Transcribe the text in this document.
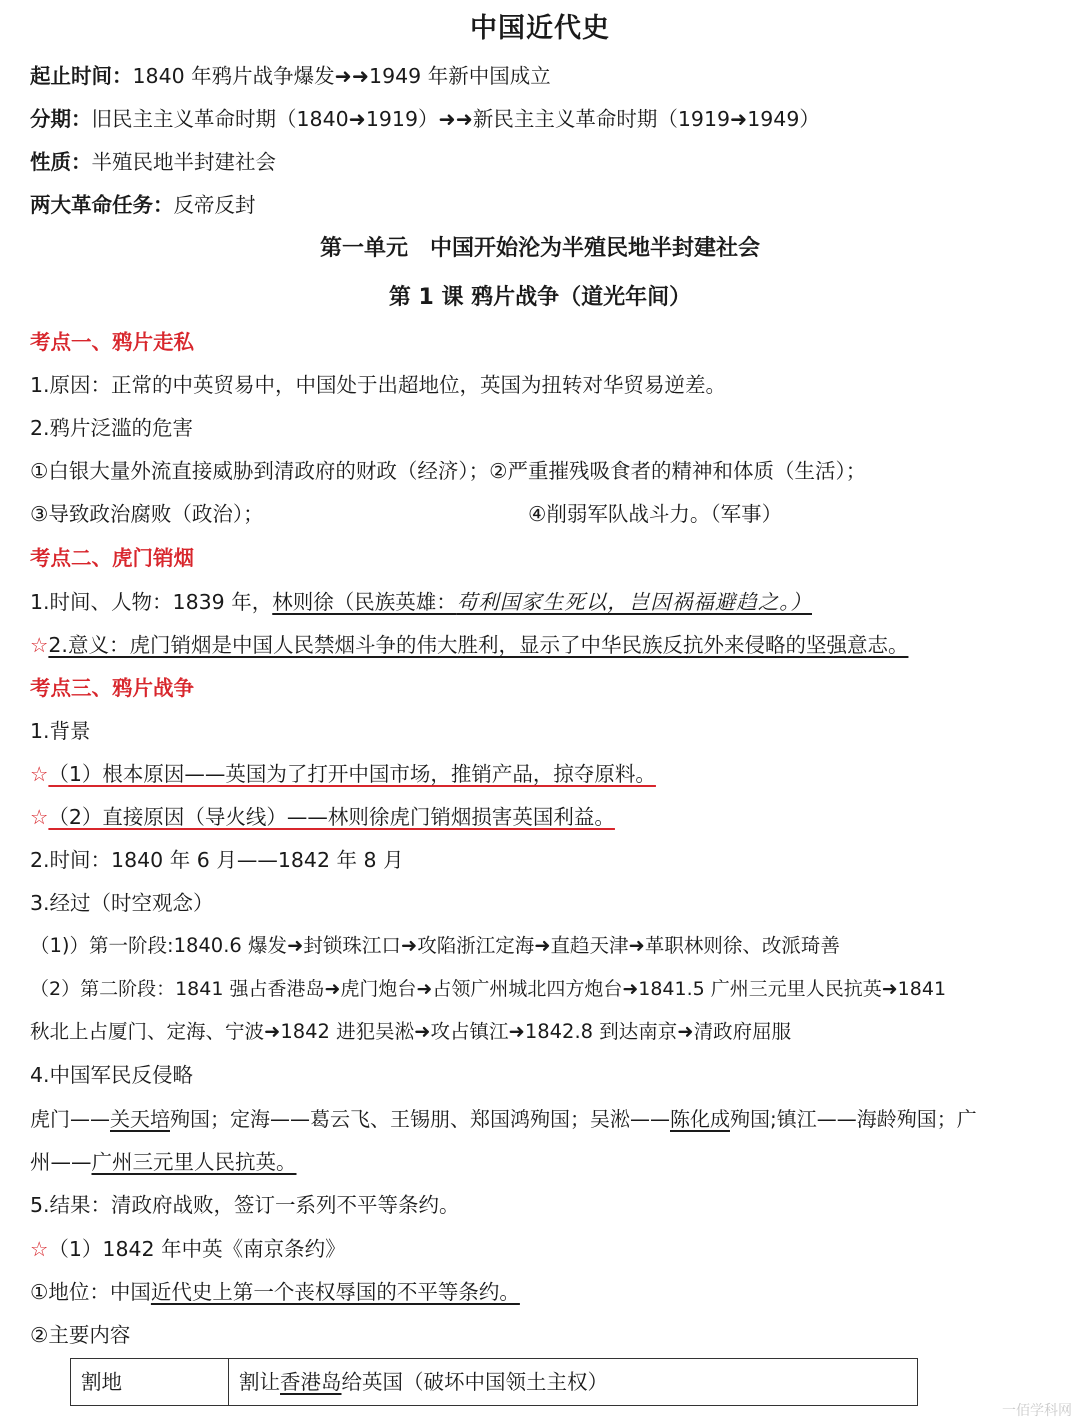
中国近代史
起止时间：1840 年鸦片战争爆发➜➜1949 年新中国成立
分期：旧民主主义革命时期（1840➜1919）➜➜新民主主义革命时期（1919➜1949）
性质：半殖民地半封建社会
两大革命任务：反帝反封
第一单元　中国开始沦为半殖民地半封建社会
第 1 课 鸦片战争（道光年间）
考点一、鸦片走私
1.原因：正常的中英贸易中，中国处于出超地位，英国为扭转对华贸易逆差。
2.鸦片泛滥的危害
①白银大量外流直接威胁到清政府的财政（经济）；②严重摧残吸食者的精神和体质（生活）；
③导致政治腐败（政治）；	④削弱军队战斗力。（军事）
考点二、虎门销烟
1.时间、人物：1839 年，林则徐（民族英雄：苟利国家生死以，岂因祸福避趋之。）
☆2.意义：虎门销烟是中国人民禁烟斗争的伟大胜利，显示了中华民族反抗外来侵略的坚强意志。
考点三、鸦片战争
1.背景
☆（1）根本原因——英国为了打开中国市场，推销产品，掠夺原料。
☆（2）直接原因（导火线）——林则徐虎门销烟损害英国利益。
2.时间：1840 年 6 月——1842 年 8 月
3.经过（时空观念）
（1)）第一阶段:1840.6 爆发➜封锁珠江口➜攻陷浙江定海➜直趋天津➜革职林则徐、改派琦善
（2）第二阶段：1841 强占香港岛➜虎门炮台➜占领广州城北四方炮台➜1841.5 广州三元里人民抗英➜1841
秋北上占厦门、定海、宁波➜1842 进犯吴淞➜攻占镇江➜1842.8 到达南京➜清政府屈服
4.中国军民反侵略
虎门——关天培殉国；定海——葛云飞、王锡朋、郑国鸿殉国；吴淞——陈化成殉国;镇江——海龄殉国；广
州——广州三元里人民抗英。
5.结果：清政府战败，签订一系列不平等条约。
☆（1）1842 年中英《南京条约》
①地位：中国近代史上第一个丧权辱国的不平等条约。
②主要内容
割地	割让香港岛给英国（破坏中国领土主权）
一佰学科网
